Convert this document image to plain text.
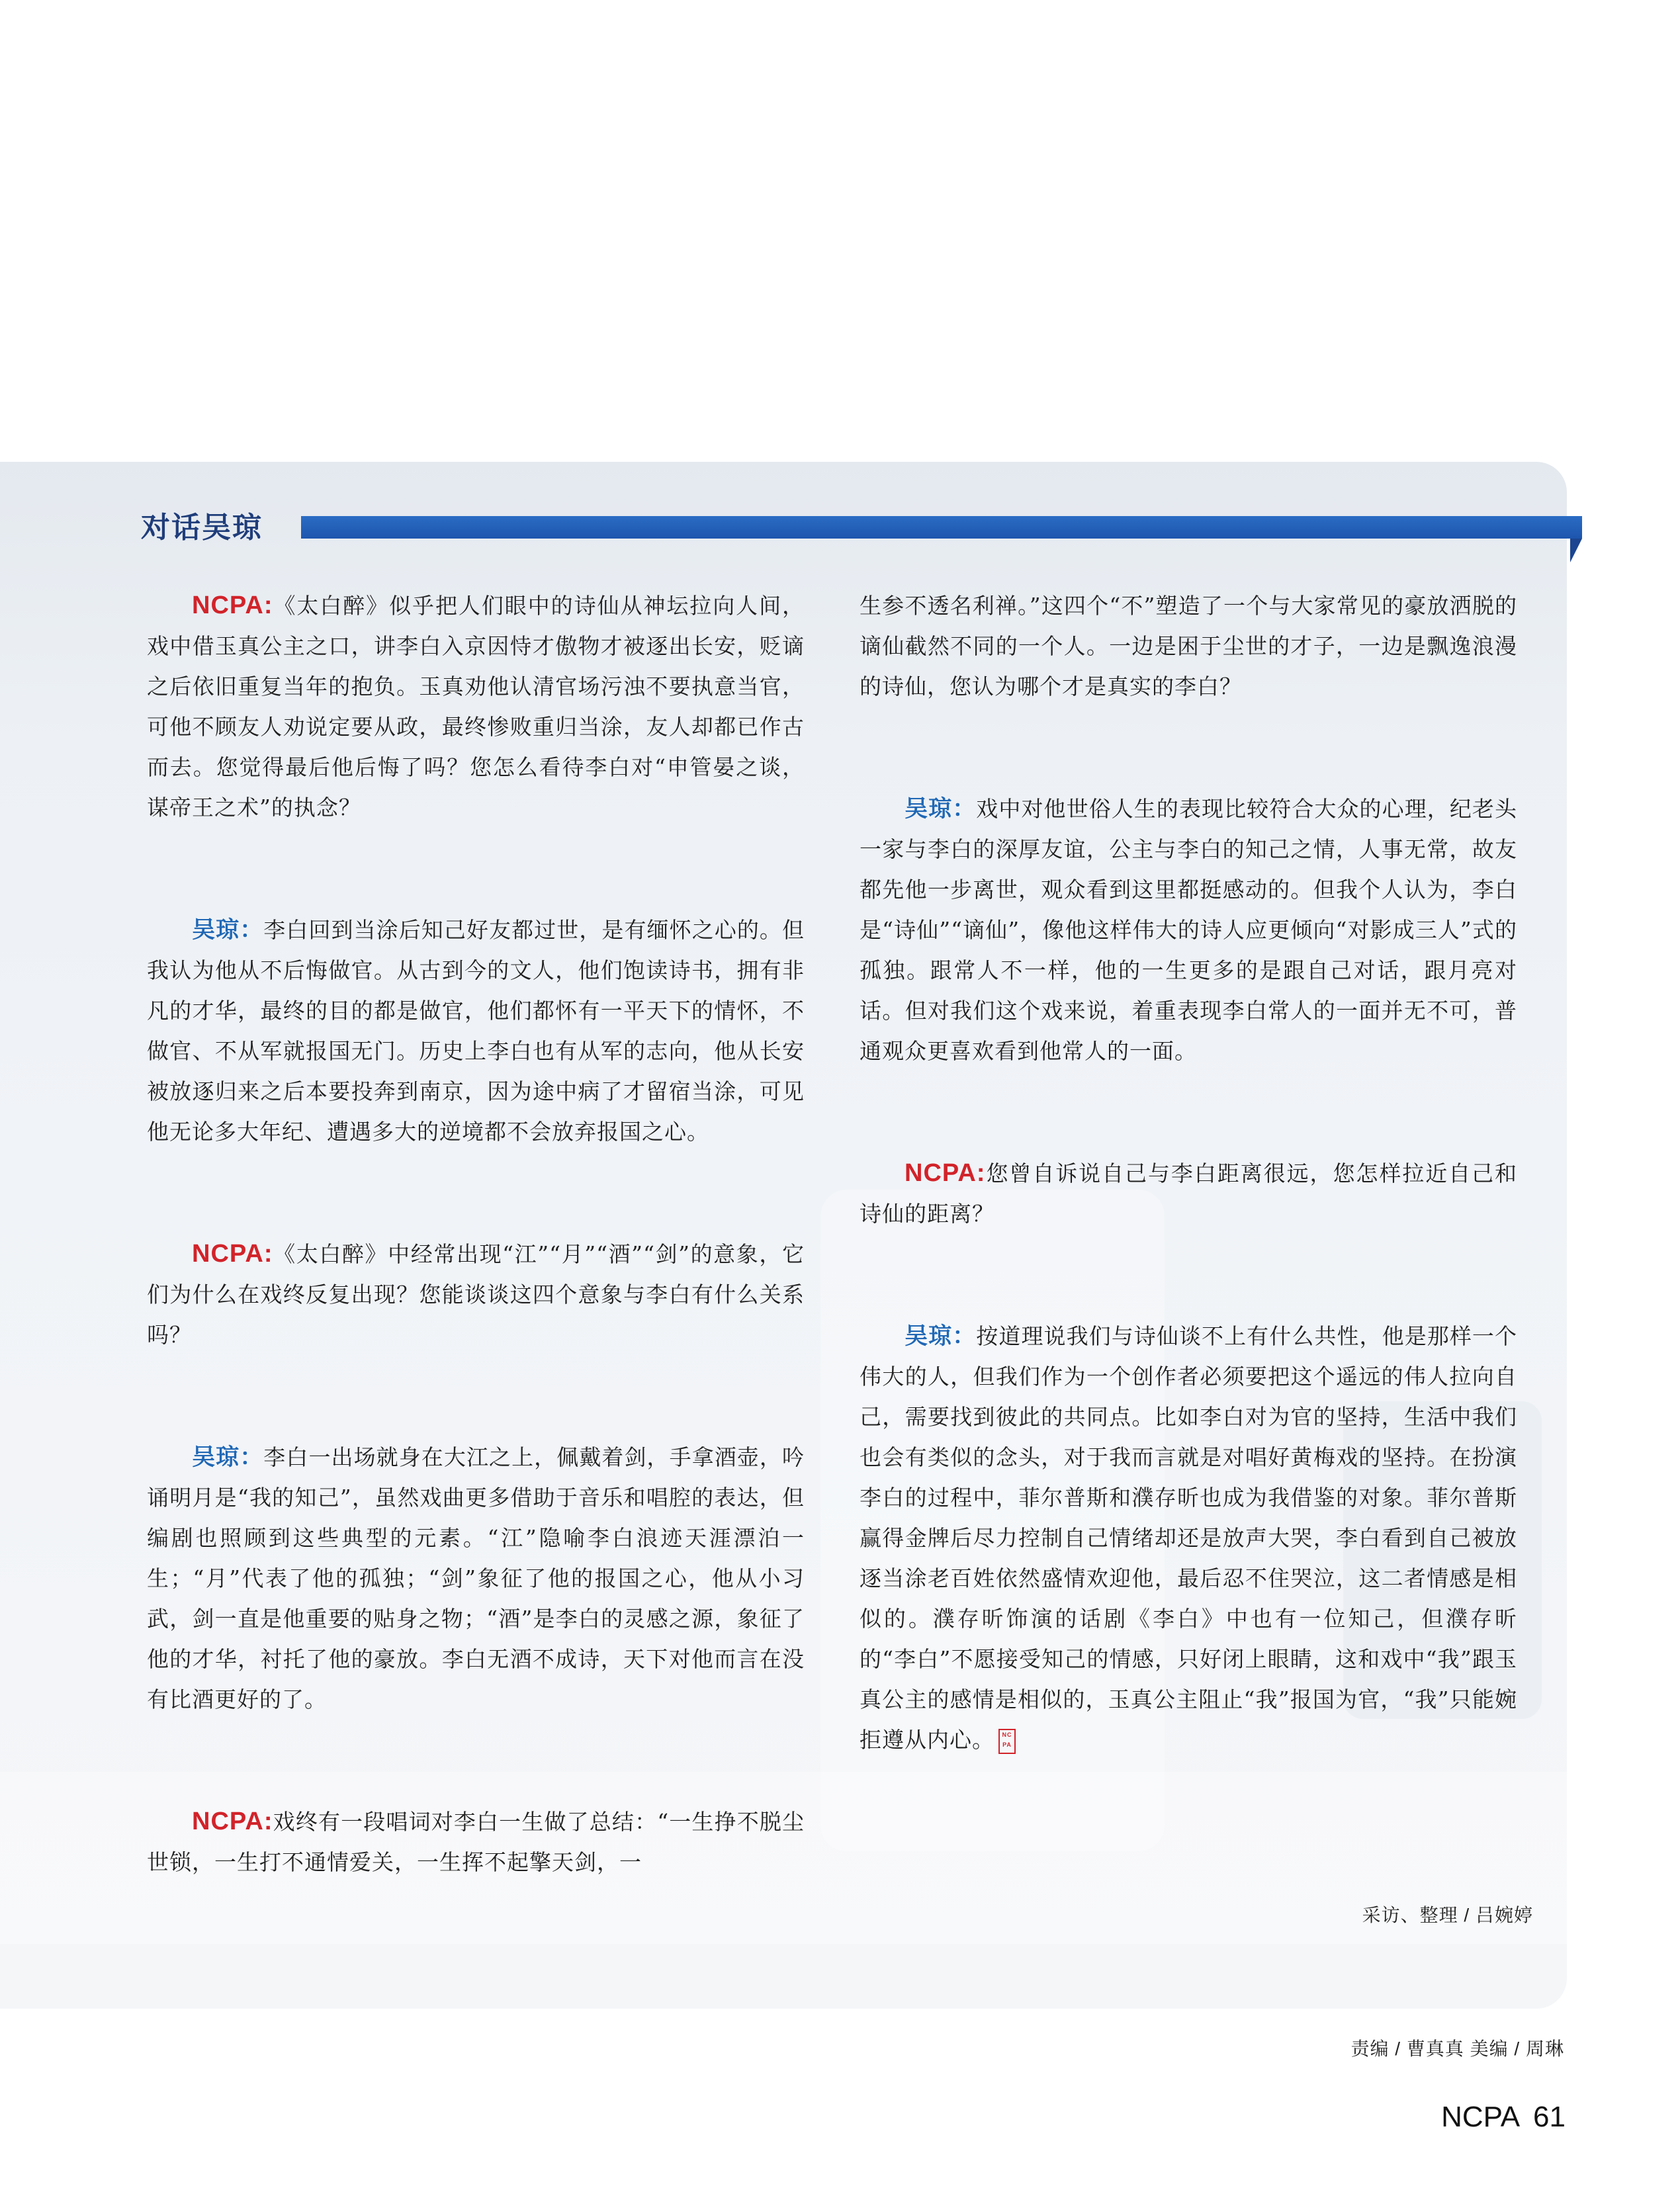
对话吴琼

NCPA:《太白醉》似乎把人们眼中的诗仙从神坛拉向人间，戏中借玉真公主之口，讲李白入京因恃才傲物才被逐出长安，贬谪之后依旧重复当年的抱负。玉真劝他认清官场污浊不要执意当官，可他不顾友人劝说定要从政，最终惨败重归当涂，友人却都已作古而去。您觉得最后他后悔了吗？您怎么看待李白对“申管晏之谈，谋帝王之术”的执念？

吴琼：李白回到当涂后知己好友都过世，是有缅怀之心的。但我认为他从不后悔做官。从古到今的文人，他们饱读诗书，拥有非凡的才华，最终的目的都是做官，他们都怀有一平天下的情怀，不做官、不从军就报国无门。历史上李白也有从军的志向，他从长安被放逐归来之后本要投奔到南京，因为途中病了才留宿当涂，可见他无论多大年纪、遭遇多大的逆境都不会放弃报国之心。

NCPA:《太白醉》中经常出现“江”“月”“酒”“剑”的意象，它们为什么在戏终反复出现？您能谈谈这四个意象与李白有什么关系吗？

吴琼：李白一出场就身在大江之上，佩戴着剑，手拿酒壶，吟诵明月是“我的知己”，虽然戏曲更多借助于音乐和唱腔的表达，但编剧也照顾到这些典型的元素。“江”隐喻李白浪迹天涯漂泊一生；“月”代表了他的孤独；“剑”象征了他的报国之心，他从小习武，剑一直是他重要的贴身之物；“酒”是李白的灵感之源，象征了他的才华，衬托了他的豪放。李白无酒不成诗，天下对他而言在没有比酒更好的了。

NCPA:戏终有一段唱词对李白一生做了总结：“一生挣不脱尘世锁，一生打不通情爱关，一生挥不起擎天剑，一

生参不透名利禅。”这四个“不”塑造了一个与大家常见的豪放洒脱的谪仙截然不同的一个人。一边是困于尘世的才子，一边是飘逸浪漫的诗仙，您认为哪个才是真实的李白？

吴琼：戏中对他世俗人生的表现比较符合大众的心理，纪老头一家与李白的深厚友谊，公主与李白的知己之情，人事无常，故友都先他一步离世，观众看到这里都挺感动的。但我个人认为，李白是“诗仙”“谪仙”，像他这样伟大的诗人应更倾向“对影成三人”式的孤独。跟常人不一样，他的一生更多的是跟自己对话，跟月亮对话。但对我们这个戏来说，着重表现李白常人的一面并无不可，普通观众更喜欢看到他常人的一面。

NCPA:您曾自诉说自己与李白距离很远，您怎样拉近自己和诗仙的距离？

吴琼：按道理说我们与诗仙谈不上有什么共性，他是那样一个伟大的人，但我们作为一个创作者必须要把这个遥远的伟人拉向自己，需要找到彼此的共同点。比如李白对为官的坚持，生活中我们也会有类似的念头，对于我而言就是对唱好黄梅戏的坚持。在扮演李白的过程中，菲尔普斯和濮存昕也成为我借鉴的对象。菲尔普斯赢得金牌后尽力控制自己情绪却还是放声大哭，李白看到自己被放逐当涂老百姓依然盛情欢迎他，最后忍不住哭泣，这二者情感是相似的。濮存昕饰演的话剧《李白》中也有一位知己，但濮存昕的“李白”不愿接受知己的情感，只好闭上眼睛，这和戏中“我”跟玉真公主的感情是相似的，玉真公主阻止“我”报国为官，“我”只能婉拒遵从内心。	NC
PA

采访、整理 / 吕婉婷

责编 / 曹真真 美编 / 周琳

NCPA 61
